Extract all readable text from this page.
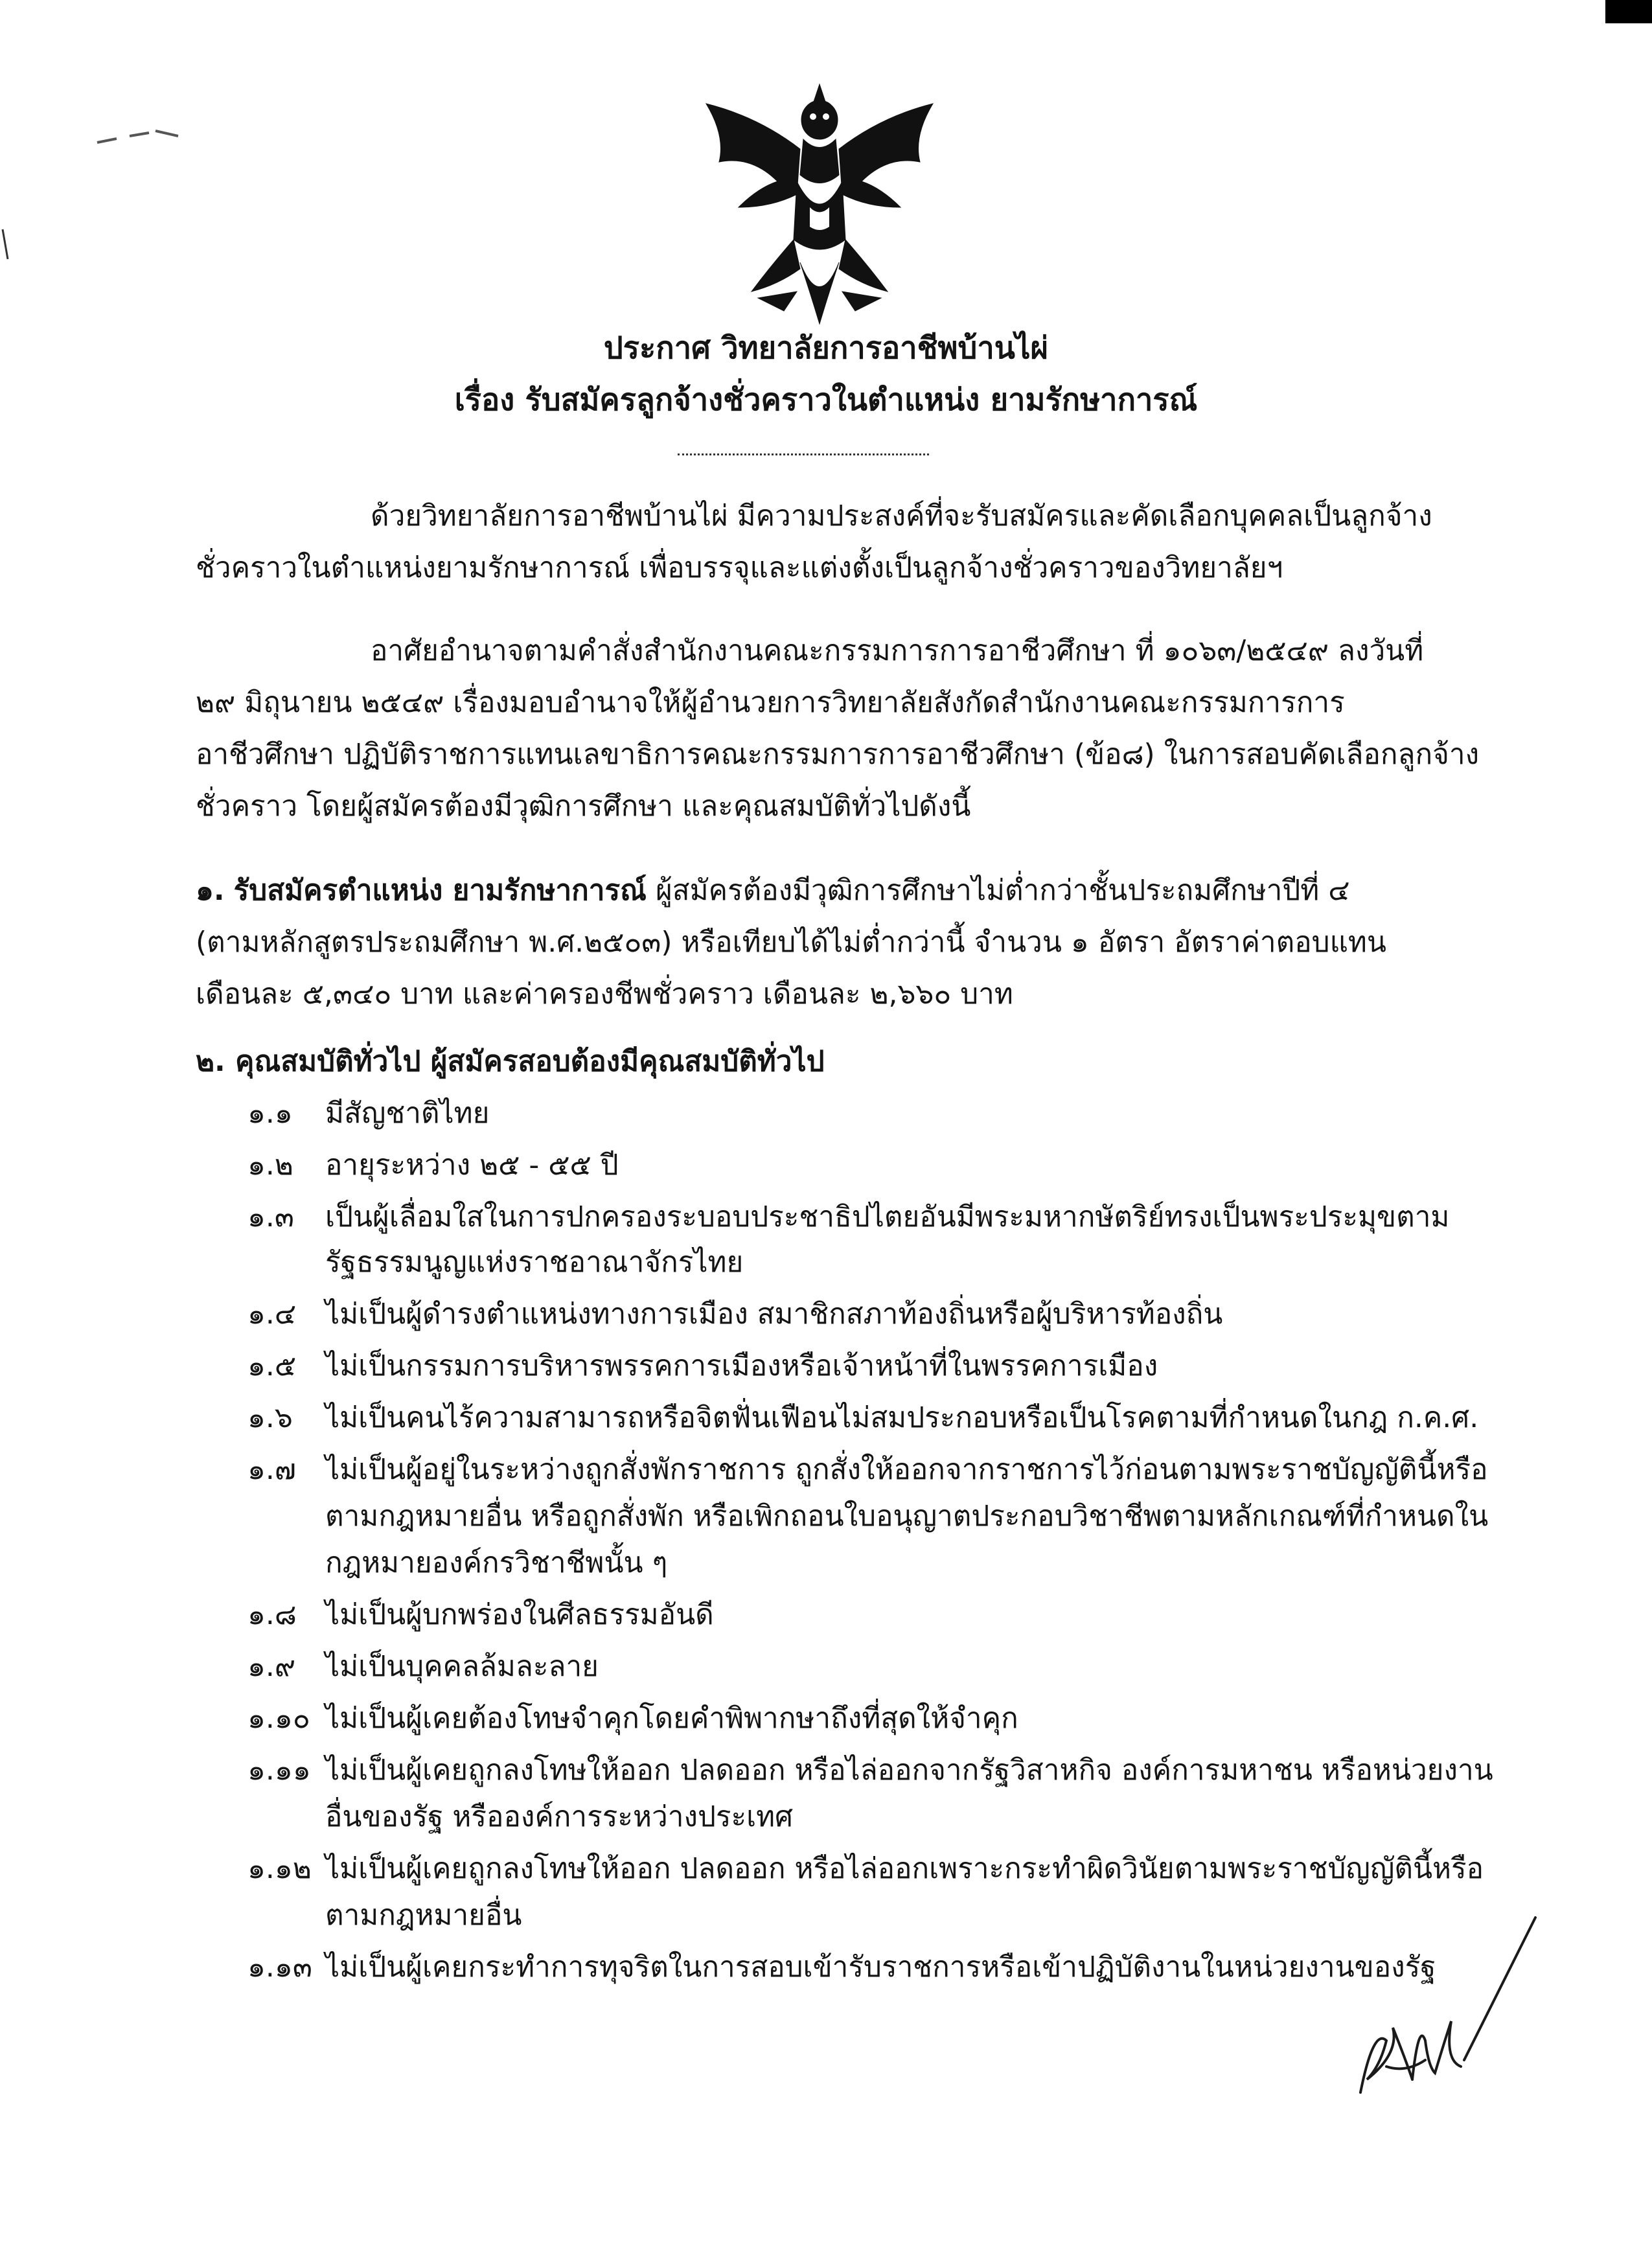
ประกาศ วิทยาลัยการอาชีพบ้านไผ่
เรื่อง รับสมัครลูกจ้างชั่วคราวในตำแหน่ง ยามรักษาการณ์
ด้วยวิทยาลัยการอาชีพบ้านไผ่ มีความประสงค์ที่จะรับสมัครและคัดเลือกบุคคลเป็นลูกจ้าง
ชั่วคราวในตำแหน่งยามรักษาการณ์ เพื่อบรรจุและแต่งตั้งเป็นลูกจ้างชั่วคราวของวิทยาลัยฯ
อาศัยอำนาจตามคำสั่งสำนักงานคณะกรรมการการอาชีวศึกษา ที่ ๑๐๖๓/๒๕๔๙ ลงวันที่
๒๙ มิถุนายน ๒๕๔๙ เรื่องมอบอำนาจให้ผู้อำนวยการวิทยาลัยสังกัดสำนักงานคณะกรรมการการ
อาชีวศึกษา ปฏิบัติราชการแทนเลขาธิการคณะกรรมการการอาชีวศึกษา (ข้อ๘) ในการสอบคัดเลือกลูกจ้าง
ชั่วคราว โดยผู้สมัครต้องมีวุฒิการศึกษา และคุณสมบัติทั่วไปดังนี้
๑. รับสมัครตำแหน่ง ยามรักษาการณ์ ผู้สมัครต้องมีวุฒิการศึกษาไม่ต่ำกว่าชั้นประถมศึกษาปีที่ ๔
(ตามหลักสูตรประถมศึกษา พ.ศ.๒๕๐๓) หรือเทียบได้ไม่ต่ำกว่านี้ จำนวน ๑ อัตรา อัตราค่าตอบแทน
เดือนละ ๕,๓๔๐ บาท และค่าครองชีพชั่วคราว เดือนละ ๒,๖๖๐ บาท
๒. คุณสมบัติทั่วไป ผู้สมัครสอบต้องมีคุณสมบัติทั่วไป
๑.๑ มีสัญชาติไทย
๑.๒ อายุระหว่าง ๒๕ - ๕๕ ปี
๑.๓ เป็นผู้เลื่อมใสในการปกครองระบอบประชาธิปไตยอันมีพระมหากษัตริย์ทรงเป็นพระประมุขตาม
รัฐธรรมนูญแห่งราชอาณาจักรไทย
๑.๔ ไม่เป็นผู้ดำรงตำแหน่งทางการเมือง สมาชิกสภาท้องถิ่นหรือผู้บริหารท้องถิ่น
๑.๕ ไม่เป็นกรรมการบริหารพรรคการเมืองหรือเจ้าหน้าที่ในพรรคการเมือง
๑.๖ ไม่เป็นคนไร้ความสามารถหรือจิตฟั่นเฟือนไม่สมประกอบหรือเป็นโรคตามที่กำหนดในกฎ ก.ค.ศ.
๑.๗ ไม่เป็นผู้อยู่ในระหว่างถูกสั่งพักราชการ ถูกสั่งให้ออกจากราชการไว้ก่อนตามพระราชบัญญัตินี้หรือ
ตามกฎหมายอื่น หรือถูกสั่งพัก หรือเพิกถอนใบอนุญาตประกอบวิชาชีพตามหลักเกณฑ์ที่กำหนดใน
กฎหมายองค์กรวิชาชีพนั้น ๆ
๑.๘ ไม่เป็นผู้บกพร่องในศีลธรรมอันดี
๑.๙ ไม่เป็นบุคคลล้มละลาย
๑.๑๐ ไม่เป็นผู้เคยต้องโทษจำคุกโดยคำพิพากษาถึงที่สุดให้จำคุก
๑.๑๑ ไม่เป็นผู้เคยถูกลงโทษให้ออก ปลดออก หรือไล่ออกจากรัฐวิสาหกิจ องค์การมหาชน หรือหน่วยงาน
อื่นของรัฐ หรือองค์การระหว่างประเทศ
๑.๑๒ ไม่เป็นผู้เคยถูกลงโทษให้ออก ปลดออก หรือไล่ออกเพราะกระทำผิดวินัยตามพระราชบัญญัตินี้หรือ
ตามกฎหมายอื่น
๑.๑๓ ไม่เป็นผู้เคยกระทำการทุจริตในการสอบเข้ารับราชการหรือเข้าปฏิบัติงานในหน่วยงานของรัฐ
